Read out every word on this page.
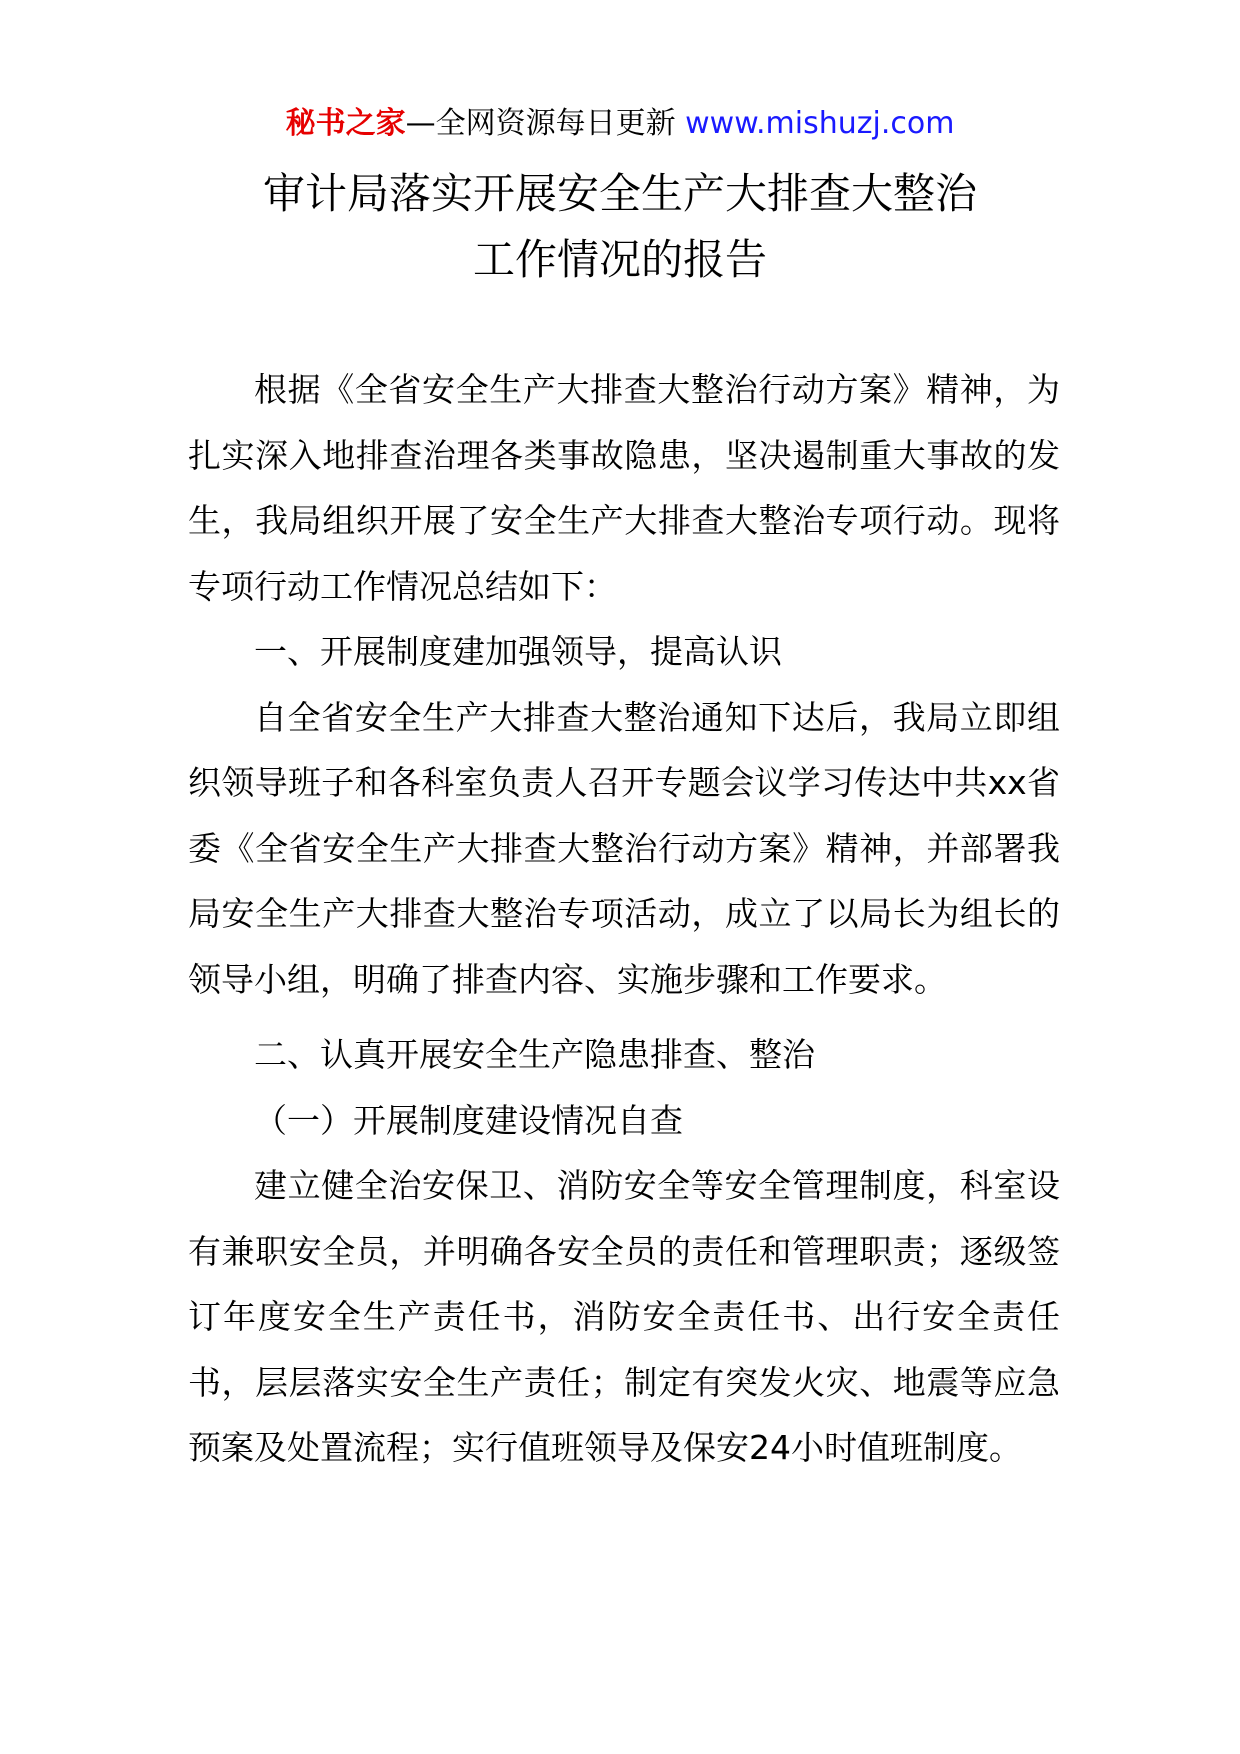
秘书之家—全网资源每日更新 www.mishuzj.com
审计局落实开展安全生产大排查大整治
工作情况的报告

根据《全省安全生产大排查大整治行动方案》精神，为扎实深入地排查治理各类事故隐患，坚决遏制重大事故的发生，我局组织开展了安全生产大排查大整治专项行动。现将专项行动工作情况总结如下：

一、开展制度建加强领导，提高认识

自全省安全生产大排查大整治通知下达后，我局立即组织领导班子和各科室负责人召开专题会议学习传达中共xx省委《全省安全生产大排查大整治行动方案》精神，并部署我局安全生产大排查大整治专项活动，成立了以局长为组长的领导小组，明确了排查内容、实施步骤和工作要求。

二、认真开展安全生产隐患排查、整治

（一）开展制度建设情况自查

建立健全治安保卫、消防安全等安全管理制度，科室设有兼职安全员，并明确各安全员的责任和管理职责；逐级签订年度安全生产责任书，消防安全责任书、出行安全责任书，层层落实安全生产责任；制定有突发火灾、地震等应急预案及处置流程；实行值班领导及保安24小时值班制度。
